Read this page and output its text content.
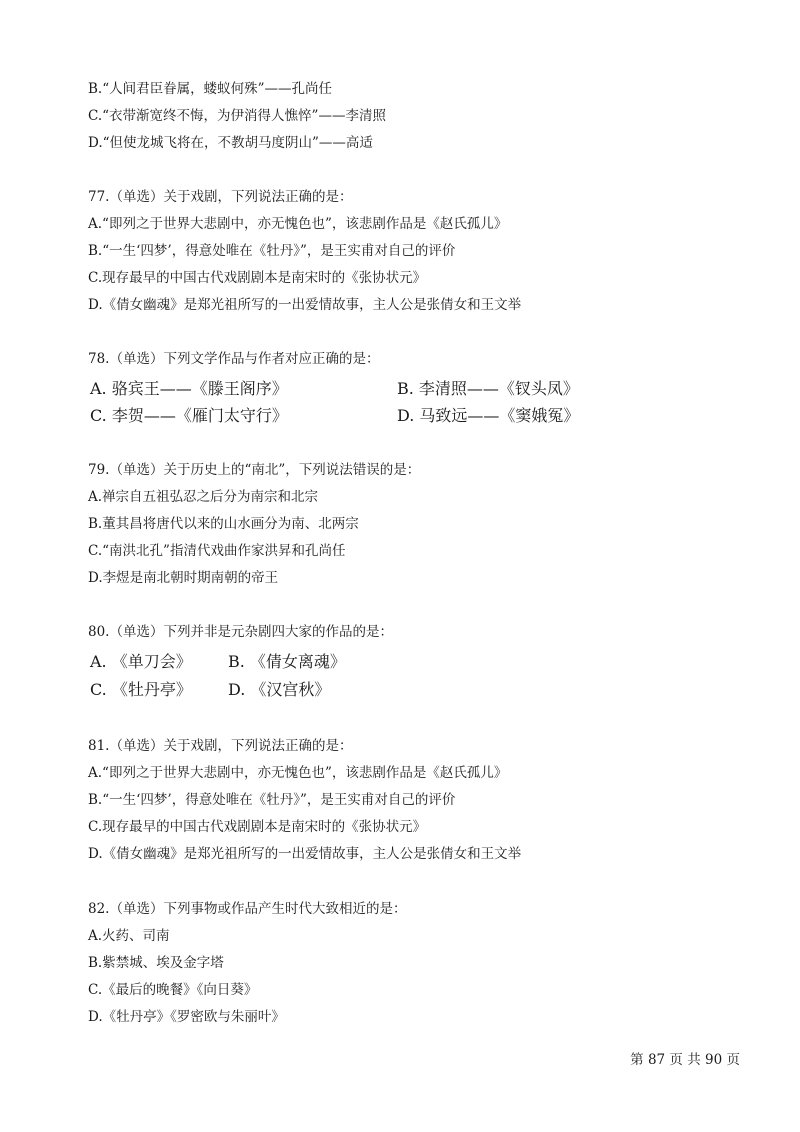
B.“人间君臣眷属，蝼蚁何殊”——孔尚任
C.“衣带渐宽终不悔，为伊消得人憔悴”——李清照
D.“但使龙城飞将在，不教胡马度阴山”——高适
77.（单选）关于戏剧，下列说法正确的是：
A.“即列之于世界大悲剧中，亦无愧色也”，该悲剧作品是《赵氏孤儿》
B.“一生‘四梦’，得意处唯在《牡丹》”，是王实甫对自己的评价
C.现存最早的中国古代戏剧剧本是南宋时的《张协状元》
D.《倩女幽魂》是郑光祖所写的一出爱情故事，主人公是张倩女和王文举
78.（单选）下列文学作品与作者对应正确的是：
A. 骆宾王——《滕王阁序》	B. 李清照——《钗头凤》
C. 李贺——《雁门太守行》	D. 马致远——《窦娥冤》
79.（单选）关于历史上的“南北”，下列说法错误的是：
A.禅宗自五祖弘忍之后分为南宗和北宗
B.董其昌将唐代以来的山水画分为南、北两宗
C.“南洪北孔”指清代戏曲作家洪昇和孔尚任
D.李煜是南北朝时期南朝的帝王
80.（单选）下列并非是元杂剧四大家的作品的是：
A. 《单刀会》 B. 《倩女离魂》
C. 《牡丹亭》 D. 《汉宫秋》
81.（单选）关于戏剧，下列说法正确的是：
A.“即列之于世界大悲剧中，亦无愧色也”，该悲剧作品是《赵氏孤儿》
B.“一生‘四梦’，得意处唯在《牡丹》”，是王实甫对自己的评价
C.现存最早的中国古代戏剧剧本是南宋时的《张协状元》
D.《倩女幽魂》是郑光祖所写的一出爱情故事，主人公是张倩女和王文举
82.（单选）下列事物或作品产生时代大致相近的是：
A.火药、司南
B.紫禁城、埃及金字塔
C.《最后的晚餐》《向日葵》
D.《牡丹亭》《罗密欧与朱丽叶》
第 87 页 共 90 页
